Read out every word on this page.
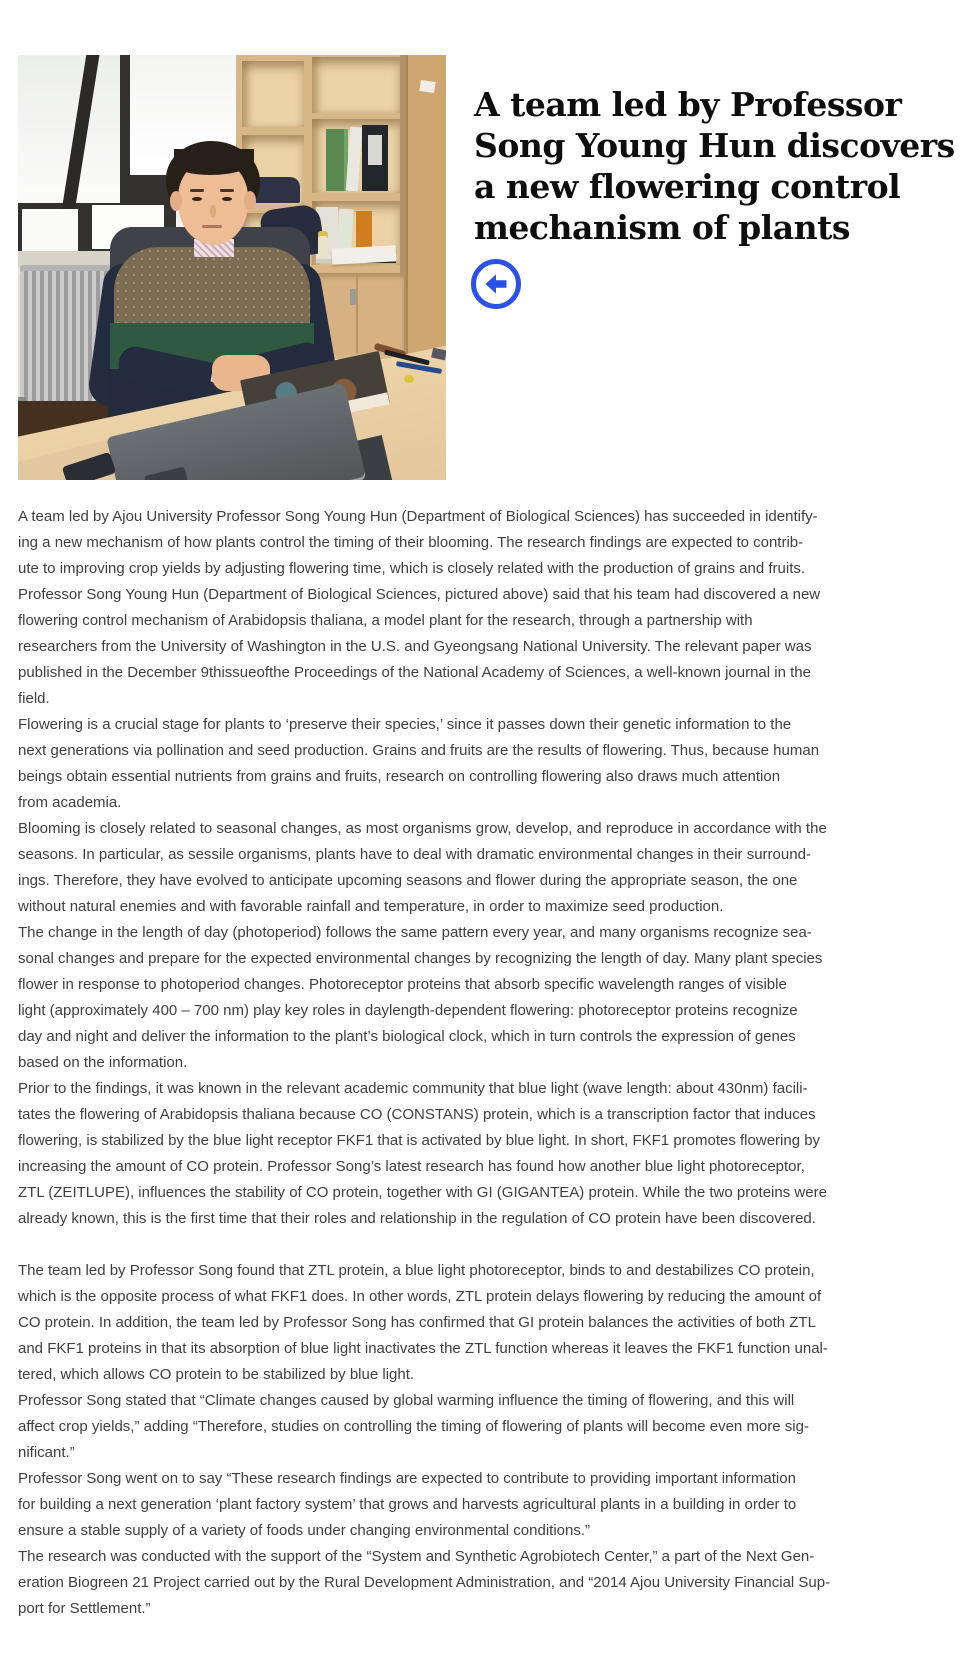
A team led by Professor
Song Young Hun discovers
a new flowering control
mechanism of plants

A team led by Ajou University Professor Song Young Hun (Department of Biological Sciences) has succeeded in identify-
ing a new mechanism of how plants control the timing of their blooming. The research findings are expected to contrib-
ute to improving crop yields by adjusting flowering time, which is closely related with the production of grains and fruits.

Professor Song Young Hun (Department of Biological Sciences, pictured above) said that his team had discovered a new
flowering control mechanism of Arabidopsis thaliana, a model plant for the research, through a partnership with
researchers from the University of Washington in the U.S. and Gyeongsang National University. The relevant paper was
published in the December 9thissueofthe Proceedings of the National Academy of Sciences, a well-known journal in the
field.

Flowering is a crucial stage for plants to ‘preserve their species,’ since it passes down their genetic information to the
next generations via pollination and seed production. Grains and fruits are the results of flowering. Thus, because human
beings obtain essential nutrients from grains and fruits, research on controlling flowering also draws much attention
from academia.

Blooming is closely related to seasonal changes, as most organisms grow, develop, and reproduce in accordance with the
seasons. In particular, as sessile organisms, plants have to deal with dramatic environmental changes in their surround-
ings. Therefore, they have evolved to anticipate upcoming seasons and flower during the appropriate season, the one
without natural enemies and with favorable rainfall and temperature, in order to maximize seed production.

The change in the length of day (photoperiod) follows the same pattern every year, and many organisms recognize sea-
sonal changes and prepare for the expected environmental changes by recognizing the length of day. Many plant species
flower in response to photoperiod changes. Photoreceptor proteins that absorb specific wavelength ranges of visible
light (approximately 400 – 700 nm) play key roles in daylength-dependent flowering: photoreceptor proteins recognize
day and night and deliver the information to the plant’s biological clock, which in turn controls the expression of genes
based on the information.

Prior to the findings, it was known in the relevant academic community that blue light (wave length: about 430nm) facili-
tates the flowering of Arabidopsis thaliana because CO (CONSTANS) protein, which is a transcription factor that induces
flowering, is stabilized by the blue light receptor FKF1 that is activated by blue light. In short, FKF1 promotes flowering by
increasing the amount of CO protein. Professor Song’s latest research has found how another blue light photoreceptor,
ZTL (ZEITLUPE), influences the stability of CO protein, together with GI (GIGANTEA) protein. While the two proteins were
already known, this is the first time that their roles and relationship in the regulation of CO protein have been discovered.

The team led by Professor Song found that ZTL protein, a blue light photoreceptor, binds to and destabilizes CO protein,
which is the opposite process of what FKF1 does. In other words, ZTL protein delays flowering by reducing the amount of
CO protein. In addition, the team led by Professor Song has confirmed that GI protein balances the activities of both ZTL
and FKF1 proteins in that its absorption of blue light inactivates the ZTL function whereas it leaves the FKF1 function unal-
tered, which allows CO protein to be stabilized by blue light.

Professor Song stated that “Climate changes caused by global warming influence the timing of flowering, and this will
affect crop yields,” adding “Therefore, studies on controlling the timing of flowering of plants will become even more sig-
nificant.”

Professor Song went on to say “These research findings are expected to contribute to providing important information
for building a next generation ‘plant factory system’ that grows and harvests agricultural plants in a building in order to
ensure a stable supply of a variety of foods under changing environmental conditions.”

The research was conducted with the support of the “System and Synthetic Agrobiotech Center,” a part of the Next Gen-
eration Biogreen 21 Project carried out by the Rural Development Administration, and “2014 Ajou University Financial Sup-
port for Settlement.”
